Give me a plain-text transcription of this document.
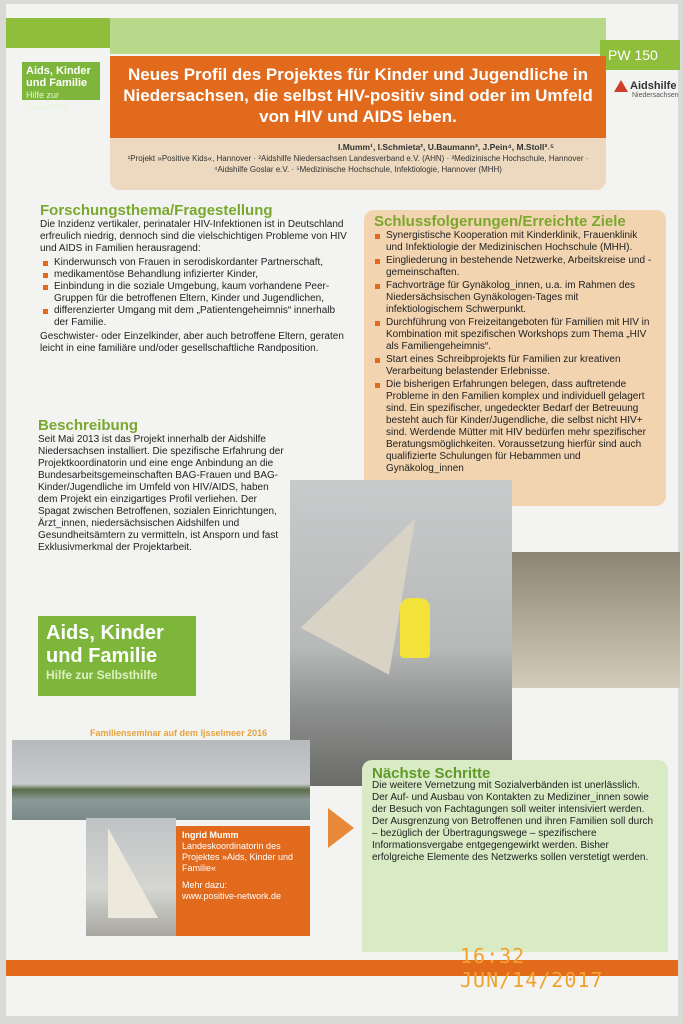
PW 150
Aids, Kinder
und Familie
Hilfe zur Selbsthilfe
Aidshilfe
Niedersachsen
Neues Profil des Projektes für Kinder und Jugendliche in Niedersachsen, die selbst HIV-positiv sind oder im Umfeld von HIV und AIDS leben.
I.Mumm¹, I.Schmieta², U.Baumann³, J.Pein⁴, M.Stoll³˒⁵
¹Projekt »Positive Kids«, Hannover · ²Aidshilfe Niedersachsen Landesverband e.V. (AHN) · ³Medizinische Hochschule, Hannover · ⁴Aidshilfe Goslar e.V. · ⁵Medizinische Hochschule, Infektiologie, Hannover (MHH)
Forschungsthema/Fragestellung

Die Inzidenz vertikaler, perinataler HIV-Infektionen ist in Deutschland erfreulich niedrig, dennoch sind die vielschichtigen Probleme von HIV und AIDS in Familien herausragend:

Kinderwunsch von Frauen in serodiskordanter Partnerschaft,
medikamentöse Behandlung infizierter Kinder,
Einbindung in die soziale Umgebung, kaum vorhandene Peer-Gruppen für die betroffenen Eltern, Kinder und Jugendlichen,
differenzierter Umgang mit dem „Patientengeheimnis“ innerhalb der Familie.

Geschwister- oder Einzelkinder, aber auch betroffene Eltern, geraten leicht in eine familiäre und/oder gesellschaftliche Randposition.

Beschreibung

Seit Mai 2013 ist das Projekt innerhalb der Aidshilfe Niedersachsen installiert. Die spezifische Erfahrung der Projektkoordinatorin und eine enge Anbindung an die Bundesarbeitsgemeinschaften BAG-Frauen und BAG-Kinder/Jugendliche im Umfeld von HIV/AIDS, haben dem Projekt ein einzigartiges Profil verliehen. Der Spagat zwischen Betroffenen, sozialen Einrichtungen, Ärzt_innen, niedersächsischen Aidshilfen und Gesundheitsämtern zu vermitteln, ist Ansporn und fast Exklusivmerkmal der Projektarbeit.

Schlussfolgerungen/Erreichte Ziele
Synergistische Kooperation mit Kinderklinik, Frauenklinik und Infektiologie der Medizinischen Hochschule (MHH).
Eingliederung in bestehende Netzwerke, Arbeitskreise und -gemeinschaften.
Fachvorträge für Gynäkolog_innen, u.a. im Rahmen des Niedersächsischen Gynäkologen-Tages mit infektiologischem Schwerpunkt.
Durchführung von Freizeitangeboten für Familien mit HIV in Kombination mit spezifischen Workshops zum Thema „HIV als Familiengeheimnis“.
Start eines Schreibprojekts für Familien zur kreativen Verarbeitung belastender Erlebnisse.
Die bisherigen Erfahrungen belegen, dass auftretende Probleme in den Familien komplex und individuell gelagert sind. Ein spezifischer, ungedeckter Bedarf der Betreuung besteht auch für Kinder/Jugendliche, die selbst nicht HIV+ sind. Werdende Mütter mit HIV bedürfen mehr spezifischer Beratungsmöglichkeiten. Voraussetzung hierfür sind auch qualifizierte Schulungen für Hebammen und Gynäkolog_innen
Aids, Kinder
und Familie
Hilfe zur Selbsthilfe
Familienseminar auf dem Ijsselmeer 2016
Ingrid Mumm
Landeskoordinatorin des Projektes »Aids, Kinder und Familie«
Mehr dazu:
www.positive-network.de
Nächste Schritte
Die weitere Vernetzung mit Sozialverbänden ist unerlässlich. Der Auf- und Ausbau von Kontakten zu Mediziner_innen sowie der Besuch von Fachtagungen soll weiter intensiviert werden. Der Ausgrenzung von Betroffenen und ihren Familien soll durch – bezüglich der Übertragungswege – spezifischere Informationsvergabe entgegengewirkt werden. Bisher erfolgreiche Elemente des Netzwerks sollen verstetigt werden.
16:32 JUN/14/2017
